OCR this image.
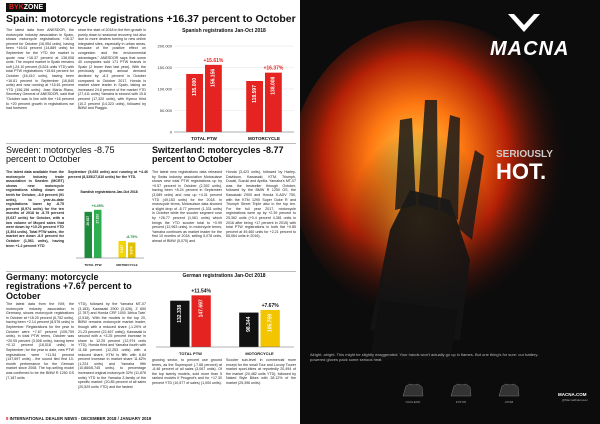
BYKZONE
Spain: motorcycle registrations +16.37 percent to October

The latest data from ANESDOR, the motorcycle industry association in Spain, shows motorcycle registrations +16.37 percent for October (16,954 units), having been +16.61 percent (14,889 units) for September for the YTD the market is quote now +16.37 percent at 138,008 units. The moped market in Spain remains soft (-24.10 percent (5,524 units YTD) with total PTW registrations +15.64 percent for October (16,410 units), having been +16.81 percent in September (16,840 units) and now running at +15.61 percent YTD (156,156 units). Jose María Riano, Secretary General of ANESDOR, said that "October was in line with the +16 percent to +20 percent growth in registrations we had foreseen

since the start of 2018 in the firm growth in purely down to seasonal recovery, but also due to more dealers turning to new online integrated sites, especially in urban areas, because of the positive effect on congestion and the environmental advantages." ANESDOR says that some 40 companies sold 171 PTW brands in Spain (2 fewer than last year). With the previously growing annual demand declined by -8.3 percent in October compared to October 2017. Honda is market share leader in Spain, taking an increased 24.8 percent of the market YTD (27,411 units) Yamaha is second with 15.6 percent (17,320 units), with Kymco third (10.2 percent (14,323 units), followed by BMW and Piaggio.

Spanish registrations Jan-Oct 2018
0
50.000
100.000
150.000
200.000
135.000
156.156
+15.61%
TOTAL PTW
118.597	138.008
+16.37%
MOTORCYCLE
Sweden: motorcycles -8.75 percent to October

The latest data available from the motorcycle industry trade association in Sweden (MCRT) shows new motorcycle registrations sliding down one tenth for October, -8.9 percent (91 units), to year-to-date registrations lower by -8.75 percent (8,974 units) for the ten months of 2018 to -8.75 percent (9,637 units) for October, with a low volume of Moped sales that were down by +10.20 percent YTD (3,304 units). Total PTW sales, the market are down -8.5 percent for October (1,561 units), having been +1.2 percent YTD

September (5,653 units) and running at +4.46 percent (8,335/27,810 units) for the YTD.

Swedish registrations Jan-Oct 2018
26.627 27.810
+4.45%
TOTAL PTW
9.837 8.974
-8.75%
MOTORCYCLE
Switzerland: motorcycles -8.77 percent to October

The latest new registrations data released by Swiss industry association Motosuisse shows new total PTW registrations up by +0.57 percent in October (2,392 units), having been +8.24 percent in September (3,089 units) and now up +4.31 percent YTD (49,153 units) for the 2018. In motorcycle terms, Motosuisse data showed a slight drop of -8.77 percent (1,331 units) in October while the scooter segment rose by +26.77 percent (1,061 units) which brings the YTD scooter total to +0.99 percent (12,963 units). In motorcycle terms, Yamaha continues as market leader for the first 10 months of 2018, selling 5,078 units, ahead of BMW (5,070) and

Honda (3,423 units), followed by Harley-Davidson, Kawasaki, KTM, Triumph, Ducati, Suzuki and Aprilia. Yamaha's MT-07 was the bestseller through October, followed by the BMW R 1250 GS, the Kawasaki Z900 and Honda X-ADV 750, with the KTM 1290 Super Duke R and Triumph Street Triple also in the top ten. For the full year 2017, motorcycle registrations were up by +2.39 percent to 25,362 units (+0.4 percent 4,381 units in 2016 after being +17 percent in 2015) with total PTW registrations in both flat +0.85 percent at 49,460 units for +2.21 percent to 65,064 units in 2016).

Germany: motorcycle registrations +7.67 percent to October

The latest data from the IVM, the motorcycle industry association in Germany, shows motorcycle registrations in October at +16.20 percent (6,752 units), having been +2.14 percent (8,576 units) in September. Registrations for the year to October were +7.67 percent (105,759 units). In total PTW terms, October was +20.05 percent (3,008 units), having been +0.12 percent (18,518 units) in September; for the year to date, new PTW registrations were +11.54 percent (147,697 units) - the sound tied first 10-month performance for the German market since 2008. The top-selling model was confirmed to be the BMW R 1250 GS (7,187 units

YTD), followed by the Yamaha MT-07 (3,183), Kawasaki Z900 (3,426), Z 650 (2,787) and Honda CRF 1000 'Africa Twin' (2,516). With the models in the top 20, BMW remains motorcycle market leader, though with a reduced share (-1.29% of 21.23 percent (22,467 units)). Kawasaki is second with a +3.25 percent increase in share to 12.25 percent (12,974 units YTD), Honda third and Yamaha fourth with 11.58 percent (12,253 units) with a reduced share, KTM is fifth with 6,84 percent increase in market share 11.62% (1,224 units) and Yamaha fifth (10,860/6,745 units), to percentage increased original motorcycle 32% (11,876 units) YTD to the Yamaha Z-family of the specific market: (20.85 percent of all sales (20,529 units YTD) and the fastest

German registrations Jan-Oct 2018
132.338	147.697
+11.54%
TOTAL PTW
98.344	105.759
+7.67%
MOTORCYCLE

growing sector, to percent use ground terms, as the Supersport (-7.68 percent) at -6.46 percent of all sales (3,067 units). Of the top twenty models, sold more than 5 ranked models if Peugeot's and for +17.30 percent YTD (10,577 of sales) (1,000 units).

Scooter sub-level in commercial more except for the small Tour and Luxury Tourer market sport-bikes at reportedly 20,494 of the market (20,482 units YTD), followed by Naked Style Bikes with 28.12% of the market (25,396 units).

8 INTERNATIONAL DEALER NEWS - DECEMBER 2018 / JANUARY 2019
MACNA
SERIOUSLY
HOT.
Alright, alright. This might be slightly exaggerated. Your hands won't actually go up in flames. But one thing's for sure: our battery-powered gloves pack some serious heat.
NUCLEON	FOTON	ATOM
MACNA.COM
@MacnaRiderwear
